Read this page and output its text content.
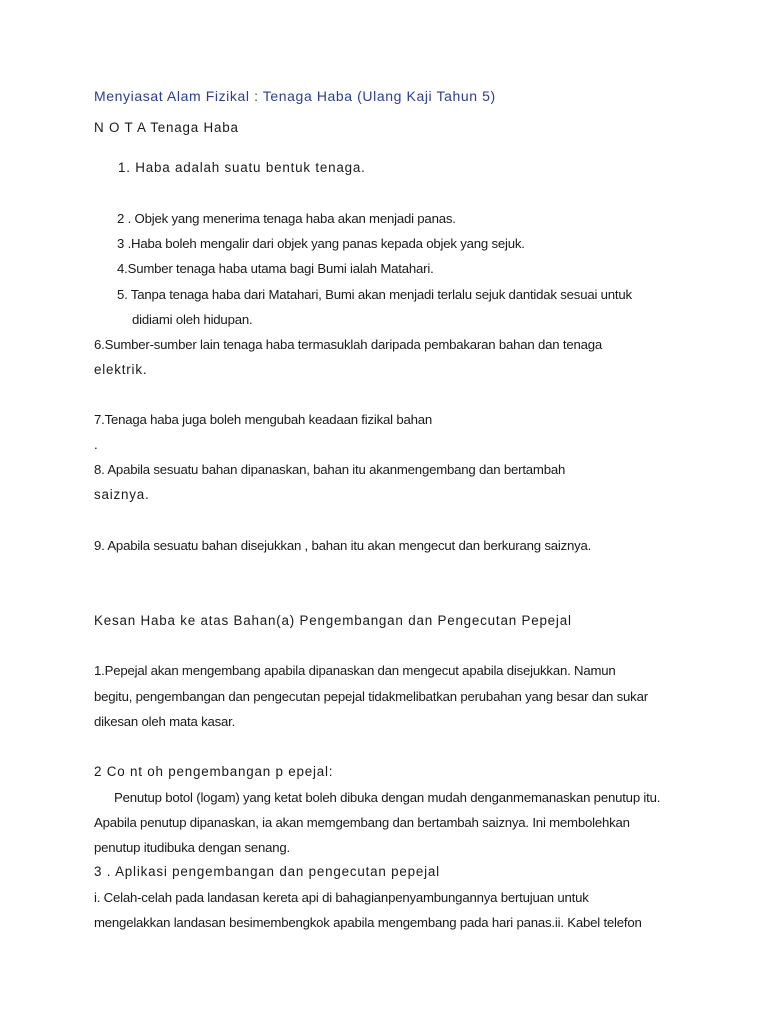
Menyiasat Alam Fizikal : Tenaga Haba (Ulang Kaji Tahun 5)
N O T A Tenaga Haba
1. Haba adalah suatu bentuk tenaga.
2 . Objek yang menerima tenaga haba akan menjadi panas.
3 .Haba boleh mengalir dari objek yang panas kepada objek yang sejuk.
4.Sumber tenaga haba utama bagi Bumi ialah Matahari.
5. Tanpa tenaga haba dari Matahari, Bumi akan menjadi terlalu sejuk dantidak sesuai untuk
didiami oleh hidupan.
6.Sumber-sumber lain tenaga haba termasuklah daripada pembakaran bahan dan tenaga
elektrik.
7.Tenaga haba juga boleh mengubah keadaan fizikal bahan
.
8. Apabila sesuatu bahan dipanaskan, bahan itu akanmengembang dan bertambah
saiznya.
9. Apabila sesuatu bahan disejukkan , bahan itu akan mengecut dan berkurang saiznya.
Kesan Haba ke atas Bahan(a) Pengembangan dan Pengecutan Pepejal
1.Pepejal akan mengembang apabila dipanaskan dan mengecut apabila disejukkan. Namun
begitu, pengembangan dan pengecutan pepejal tidakmelibatkan perubahan yang besar dan sukar
dikesan oleh mata kasar.
2 Co nt oh pengembangan p epejal:
Penutup botol (logam) yang ketat boleh dibuka dengan mudah denganmemanaskan penutup itu.
Apabila penutup dipanaskan, ia akan memgembang dan bertambah saiznya. Ini membolehkan
penutup itudibuka dengan senang.
3 . Aplikasi pengembangan dan pengecutan pepejal
i. Celah-celah pada landasan kereta api di bahagianpenyambungannya bertujuan untuk
mengelakkan landasan besimembengkok apabila mengembang pada hari panas.ii. Kabel telefon
